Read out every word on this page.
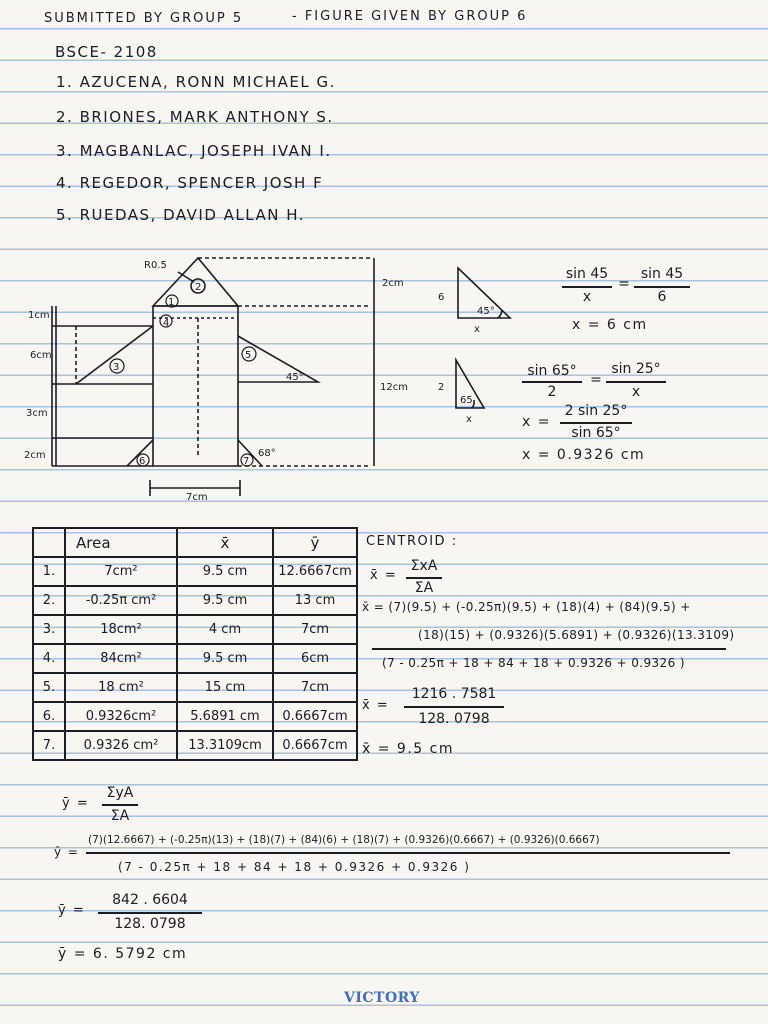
SUBMITTED BY GROUP 5	- FIGURE GIVEN BY GROUP 6
BSCE- 2108
1. AZUCENA, RONN MICHAEL G.
2. BRIONES, MARK ANTHONY S.
3. MAGBANLAC, JOSEPH IVAN I.
4. REGEDOR, SPENCER JOSH F
5. RUEDAS, DAVID ALLAN H.
R0.5
2cm
12cm
1cm
6cm
3cm
2cm
7cm
45°
68°
1
2
3
4
5
6	7
6
45°
x
2
65
x
sin 45
x
=
sin 45
6
x = 6 cm
sin 65°
2
=
sin 25°
x
x =
2 sin 25°
sin 65°
x = 0.9326 cm
	Area	x̄	ȳ
1.	7cm²	9.5 cm	12.6667cm
2.	-0.25π cm²	9.5 cm	13 cm
3.	18cm²	4 cm	7cm
4.	84cm²	9.5 cm	6cm
5.	18 cm²	15 cm	7cm
6.	0.9326cm²	5.6891 cm	0.6667cm
7.	0.9326 cm²	13.3109cm	0.6667cm
CENTROID :
x̄ =
ΣxA
ΣA
x̄ = (7)(9.5) + (-0.25π)(9.5) + (18)(4) + (84)(9.5) +
(18)(15) + (0.9326)(5.6891) + (0.9326)(13.3109)
(7 - 0.25π + 18 + 84 + 18 + 0.9326 + 0.9326 )
x̄ =
1216 . 7581
128. 0798
x̄ = 9.5 cm
ȳ =
ΣyA
ΣA
ȳ =
(7)(12.6667) + (-0.25π)(13) + (18)(7) + (84)(6) + (18)(7) + (0.9326)(0.6667) + (0.9326)(0.6667)
(7 - 0.25π + 18 + 84 + 18 + 0.9326 + 0.9326 )
ȳ =
842 . 6604
128. 0798
ȳ = 6. 5792 cm
VICTORY
